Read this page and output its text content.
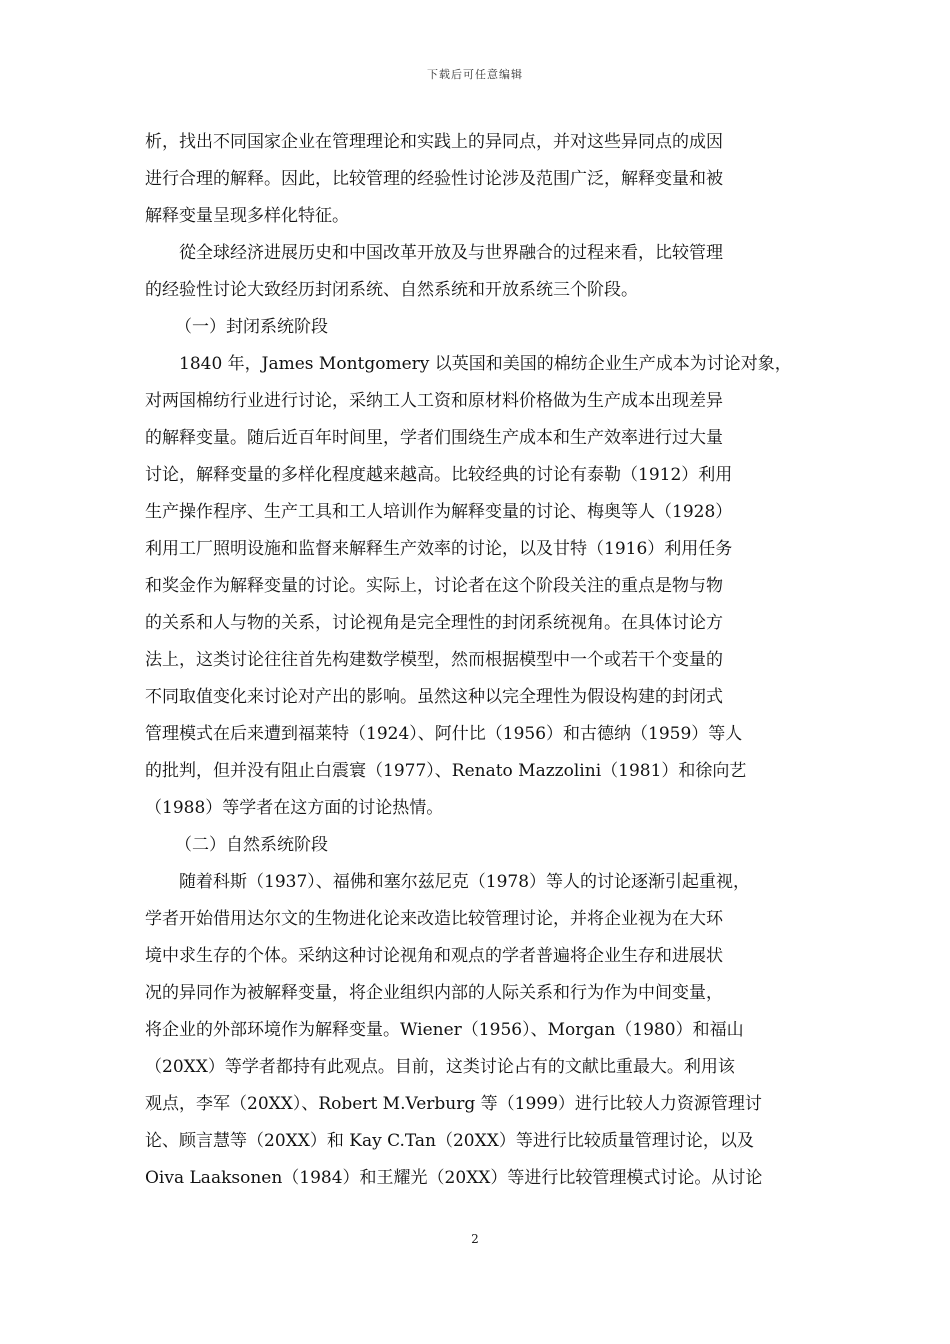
下载后可任意编辑
析，找出不同国家企业在管理理论和实践上的异同点，并对这些异同点的成因
进行合理的解释。因此，比较管理的经验性讨论涉及范围广泛，解释变量和被
解释变量呈现多样化特征。
從全球经济进展历史和中国改革开放及与世界融合的过程来看，比较管理
的经验性讨论大致经历封闭系统、自然系统和开放系统三个阶段。
（一）封闭系统阶段
1840 年，James Montgomery 以英国和美国的棉纺企业生产成本为讨论对象，
对两国棉纺行业进行讨论，采纳工人工资和原材料价格做为生产成本出现差异
的解释变量。随后近百年时间里，学者们围绕生产成本和生产效率进行过大量
讨论，解释变量的多样化程度越来越高。比较经典的讨论有泰勒（1912）利用
生产操作程序、生产工具和工人培训作为解释变量的讨论、梅奥等人（1928）
利用工厂照明设施和监督来解释生产效率的讨论，以及甘特（1916）利用任务
和奖金作为解释变量的讨论。实际上，讨论者在这个阶段关注的重点是物与物
的关系和人与物的关系，讨论视角是完全理性的封闭系统视角。在具体讨论方
法上，这类讨论往往首先构建数学模型，然而根据模型中一个或若干个变量的
不同取值变化来讨论对产出的影响。虽然这种以完全理性为假设构建的封闭式
管理模式在后来遭到福莱特（1924）、阿什比（1956）和古德纳（1959）等人
的批判，但并没有阻止白震寰（1977）、Renato Mazzolini（1981）和徐向艺
（1988）等学者在这方面的讨论热情。
（二）自然系统阶段
随着科斯（1937）、福佛和塞尔兹尼克（1978）等人的讨论逐渐引起重视，
学者开始借用达尔文的生物进化论来改造比较管理讨论，并将企业视为在大环
境中求生存的个体。采纳这种讨论视角和观点的学者普遍将企业生存和进展状
况的异同作为被解释变量，将企业组织内部的人际关系和行为作为中间变量，
将企业的外部环境作为解释变量。Wiener（1956）、Morgan（1980）和福山
（20XX）等学者都持有此观点。目前，这类讨论占有的文献比重最大。利用该
观点，李军（20XX）、Robert M.Verburg 等（1999）进行比较人力资源管理讨
论、顾言慧等（20XX）和 Kay C.Tan（20XX）等进行比较质量管理讨论，以及
Oiva Laaksonen（1984）和王耀光（20XX）等进行比较管理模式讨论。从讨论
2
